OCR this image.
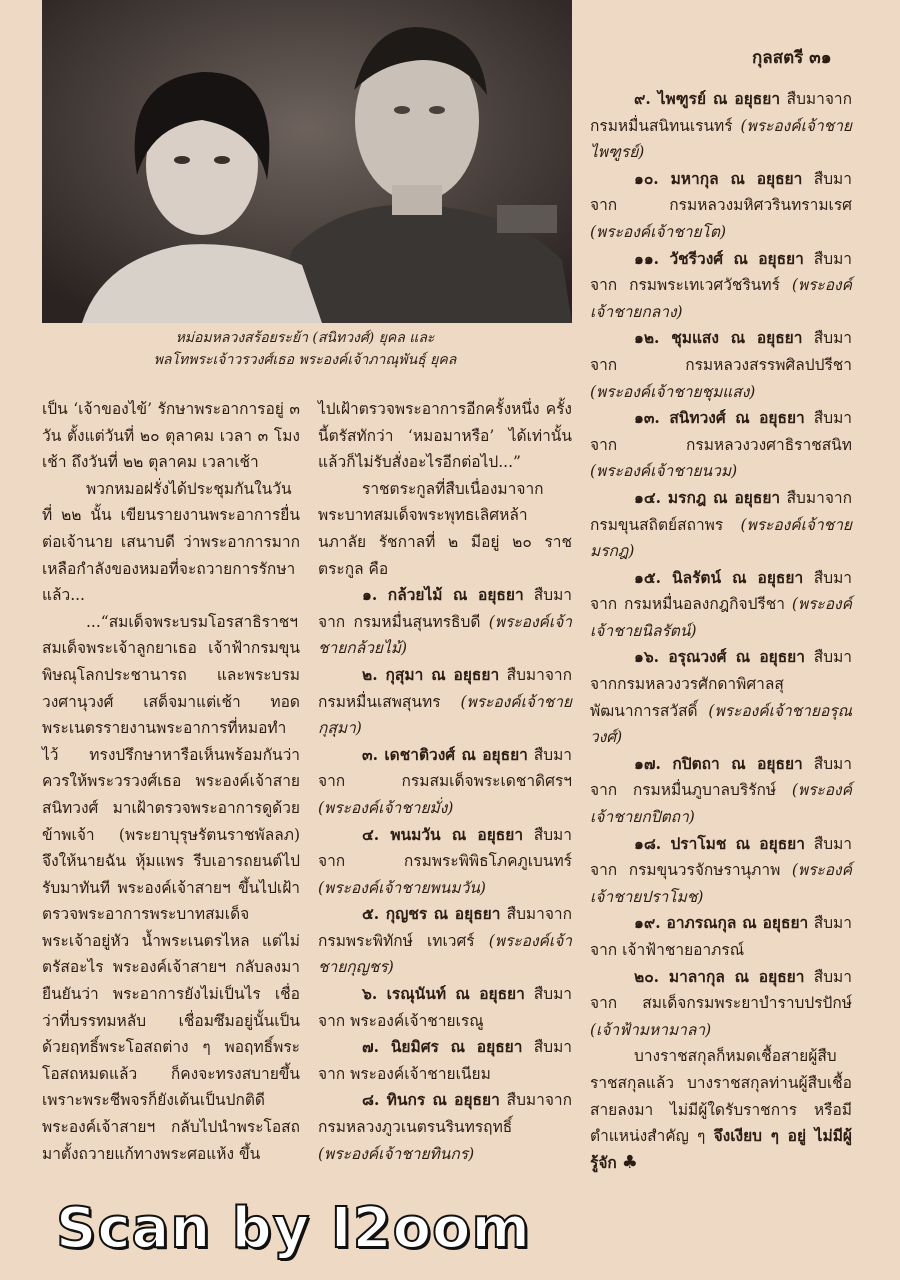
หม่อมหลวงสร้อยระย้า (สนิทวงศ์) ยุคล และ
พลโทพระเจ้าวรวงศ์เธอ พระองค์เจ้าภาณุพันธุ์ ยุคล
กุลสตรี ๓๑

เป็น ‘เจ้าของไข้’ รักษาพระอาการอยู่ ๓ วัน ตั้งแต่วันที่ ๒๐ ตุลาคม เวลา ๓ โมงเช้า ถึงวันที่ ๒๒ ตุลาคม เวลาเช้า

พวกหมอฝรั่งได้ประชุมกันในวันที่ ๒๒ นั้น เขียนรายงานพระอาการยื่นต่อเจ้านาย เสนาบดี ว่าพระอาการมากเหลือกำลังของหมอที่จะถวายการรักษาแล้ว...

...“สมเด็จพระบรมโอรสาธิราชฯ สมเด็จพระเจ้าลูกยาเธอ เจ้าฟ้ากรมขุนพิษณุโลกประชานารถ และพระบรมวงศานุวงศ์ เสด็จมาแต่เช้า ทอดพระเนตรรายงานพระอาการที่หมอทำไว้ ทรงปรึกษาหารือเห็นพร้อมกันว่าควรให้พระวรวงศ์เธอ พระองค์เจ้าสายสนิทวงศ์ มาเฝ้าตรวจพระอาการดูด้วยข้าพเจ้า (พระยาบุรุษรัตนราชพัลลภ) จึงให้นายฉัน หุ้มแพร รีบเอารถยนต์ไปรับมาทันที พระองค์เจ้าสายฯ ขึ้นไปเฝ้าตรวจพระอาการพระบาทสมเด็จพระเจ้าอยู่หัว น้ำพระเนตรไหล แต่ไม่ตรัสอะไร พระองค์เจ้าสายฯ กลับลงมายืนยันว่า พระอาการยังไม่เป็นไร เชื่อว่าที่บรรทมหลับ เชื่อมซึมอยู่นั้นเป็นด้วยฤทธิ์พระโอสถต่าง ๆ พอฤทธิ์พระโอสถหมดแล้ว ก็คงจะทรงสบายขึ้น เพราะพระชีพจรก็ยังเต้นเป็นปกติดี พระองค์เจ้าสายฯ กลับไปนำพระโอสถมาตั้งถวายแก้ทางพระศอแห้ง ขึ้น

ไปเฝ้าตรวจพระอาการอีกครั้งหนึ่ง ครั้งนี้ตรัสทักว่า ‘หมอมาหรือ’ ได้เท่านั้น แล้วก็ไม่รับสั่งอะไรอีกต่อไป...”

ราชตระกูลที่สืบเนื่องมาจากพระบาทสมเด็จพระพุทธเลิศหล้านภาลัย รัชกาลที่ ๒ มีอยู่ ๒๐ ราชตระกูล คือ

๑. กล้วยไม้ ณ อยุธยา สืบมาจาก กรมหมื่นสุนทรธิบดี (พระองค์เจ้าชายกล้วยไม้)

๒. กุสุมา ณ อยุธยา สืบมาจาก กรมหมื่นเสพสุนทร (พระองค์เจ้าชายกุสุมา)

๓. เดชาติวงศ์ ณ อยุธยา สืบมาจาก กรมสมเด็จพระเดชาดิศรฯ (พระองค์เจ้าชายมั่ง)

๔. พนมวัน ณ อยุธยา สืบมาจาก กรมพระพิพิธโภคภูเบนทร์ (พระองค์เจ้าชายพนมวัน)

๕. กุญชร ณ อยุธยา สืบมาจาก กรมพระพิทักษ์ เทเวศร์ (พระองค์เจ้าชายกุญชร)

๖. เรณุนันท์ ณ อยุธยา สืบมาจาก พระองค์เจ้าชายเรณู

๗. นิยมิศร ณ อยุธยา สืบมาจาก พระองค์เจ้าชายเนียม

๘. ทินกร ณ อยุธยา สืบมาจาก กรมหลวงภูวเนตรนรินทรฤทธิ์ (พระองค์เจ้าชายทินกร)

๙. ไพฑูรย์ ณ อยุธยา สืบมาจาก กรมหมื่นสนิทนเรนทร์ (พระองค์เจ้าชายไพฑูรย์)

๑๐. มหากุล ณ อยุธยา สืบมาจาก กรมหลวงมหิศวรินทรามเรศ (พระองค์เจ้าชายโต)

๑๑. วัชรีวงศ์ ณ อยุธยา สืบมาจาก กรมพระเทเวศวัชรินทร์ (พระองค์เจ้าชายกลาง)

๑๒. ชุมแสง ณ อยุธยา สืบมาจาก กรมหลวงสรรพศิลปปรีชา (พระองค์เจ้าชายชุมแสง)

๑๓. สนิทวงศ์ ณ อยุธยา สืบมาจาก กรมหลวงวงศาธิราชสนิท (พระองค์เจ้าชายนวม)

๑๔. มรกฎ ณ อยุธยา สืบมาจาก กรมขุนสถิตย์สถาพร (พระองค์เจ้าชายมรกฎ)

๑๕. นิลรัตน์ ณ อยุธยา สืบมาจาก กรมหมื่นอลงกฎกิจปรีชา (พระองค์เจ้าชายนิลรัตน์)

๑๖. อรุณวงศ์ ณ อยุธยา สืบมาจากกรมหลวงวรศักดาพิศาลสุพัฒนาการสวัสดิ์ (พระองค์เจ้าชายอรุณวงศ์)

๑๗. กปิตถา ณ อยุธยา สืบมาจาก กรมหมื่นภูบาลบริรักษ์ (พระองค์เจ้าชายกปิตถา)

๑๘. ปราโมช ณ อยุธยา สืบมาจาก กรมขุนวรจักษรานุภาพ (พระองค์เจ้าชายปราโมช)

๑๙. อาภรณกุล ณ อยุธยา สืบมาจาก เจ้าฟ้าชายอาภรณ์

๒๐. มาลากุล ณ อยุธยา สืบมาจาก สมเด็จกรมพระยาบำราบปรปักษ์ (เจ้าฟ้ามหามาลา)

บางราชสกุลก็หมดเชื้อสายผู้สืบราชสกุลแล้ว บางราชสกุลท่านผู้สืบเชื้อสายลงมา ไม่มีผู้ใดรับราชการ หรือมีตำแหน่งสำคัญ ๆ จึงเงียบ ๆ อยู่ ไม่มีผู้รู้จัก ♣

Scan by I2oom
